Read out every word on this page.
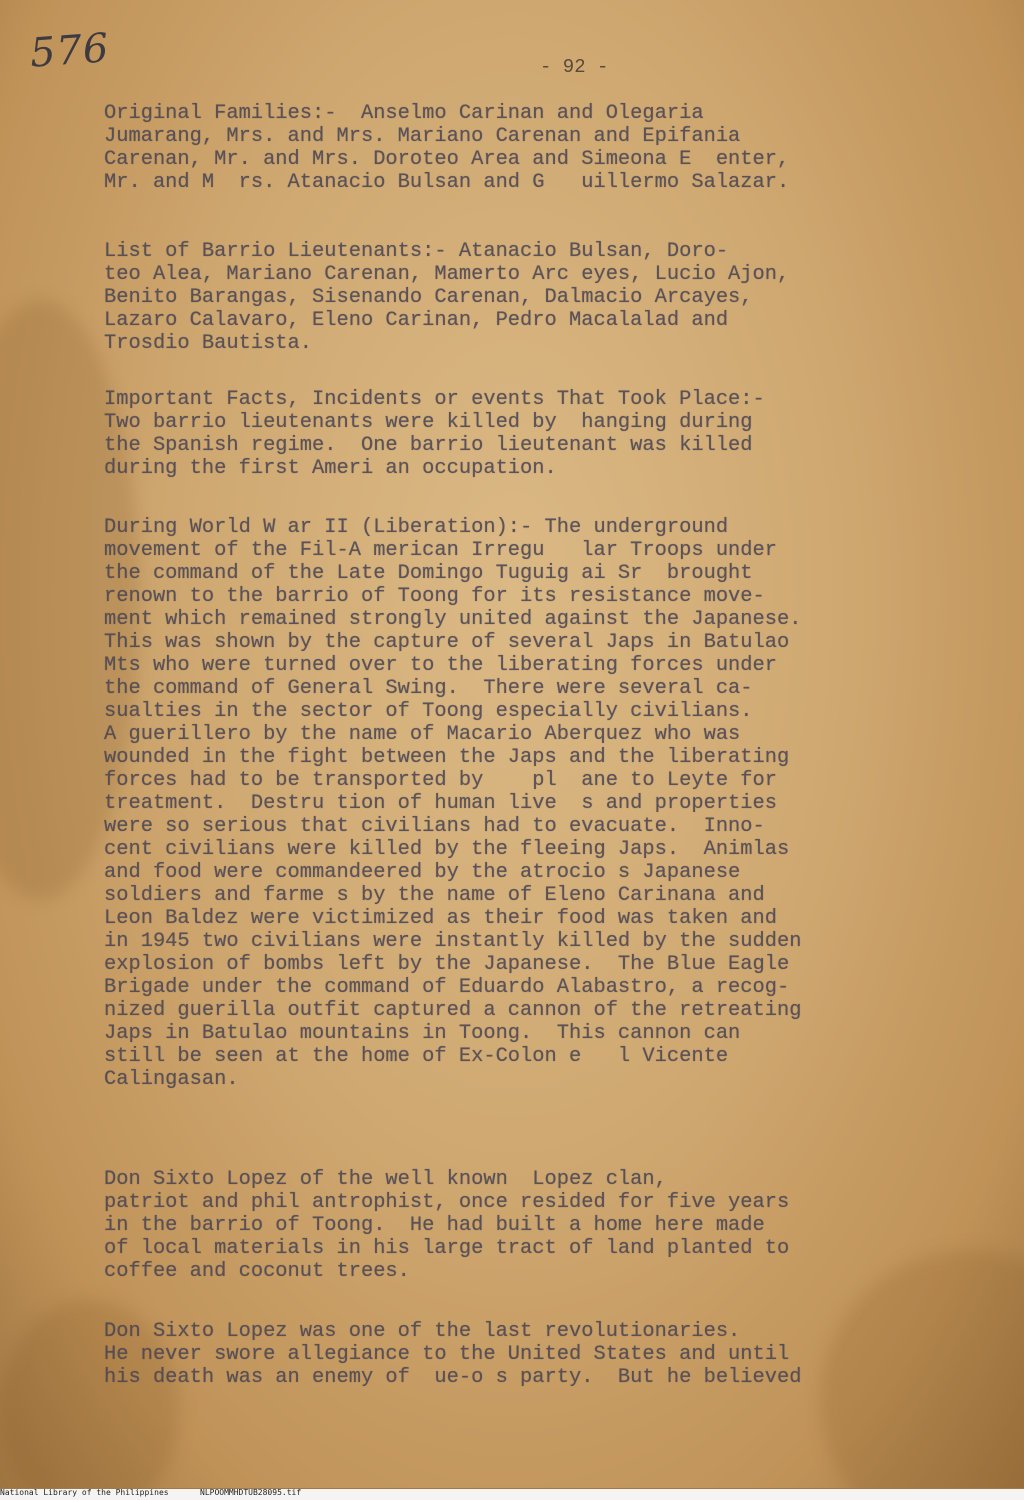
576	- 92 -
Original Families:-  Anselmo Carinan and Olegaria
Jumarang, Mrs. and Mrs. Mariano Carenan and Epifania
Carenan, Mr. and Mrs. Doroteo Area and Simeona E  enter,
Mr. and M  rs. Atanacio Bulsan and G   uillermo Salazar.
List of Barrio Lieutenants:- Atanacio Bulsan, Doro-
teo Alea, Mariano Carenan, Mamerto Arc eyes, Lucio Ajon,
Benito Barangas, Sisenando Carenan, Dalmacio Arcayes,
Lazaro Calavaro, Eleno Carinan, Pedro Macalalad and
Trosdio Bautista.
Important Facts, Incidents or events That Took Place:-
Two barrio lieutenants were killed by  hanging during
the Spanish regime.  One barrio lieutenant was killed
during the first Ameri an occupation.
During World W ar II (Liberation):- The underground
movement of the Fil-A merican Irregu   lar Troops under
the command of the Late Domingo Tuguig ai Sr  brought
renown to the barrio of Toong for its resistance move-
ment which remained strongly united against the Japanese.
This was shown by the capture of several Japs in Batulao
Mts who were turned over to the liberating forces under
the command of General Swing.  There were several ca-
sualties in the sector of Toong especially civilians.
A guerillero by the name of Macario Aberquez who was
wounded in the fight between the Japs and the liberating
forces had to be transported by    pl  ane to Leyte for
treatment.  Destru tion of human live  s and properties
were so serious that civilians had to evacuate.  Inno-
cent civilians were killed by the fleeing Japs.  Animlas
and food were commandeered by the atrocio s Japanese
soldiers and farme s by the name of Eleno Carinana and
Leon Baldez were victimized as their food was taken and
in 1945 two civilians were instantly killed by the sudden
explosion of bombs left by the Japanese.  The Blue Eagle
Brigade under the command of Eduardo Alabastro, a recog-
nized guerilla outfit captured a cannon of the retreating
Japs in Batulao mountains in Toong.  This cannon can
still be seen at the home of Ex-Colon e   l Vicente
Calingasan.
Don Sixto Lopez of the well known  Lopez clan,
patriot and phil antrophist, once resided for five years
in the barrio of Toong.  He had built a home here made
of local materials in his large tract of land planted to
coffee and coconut trees.
Don Sixto Lopez was one of the last revolutionaries.
He never swore allegiance to the United States and until
his death was an enemy of  ue-o s party.  But he believed
National Library of the Philippines	NLPOOMMHDTUB28095.tif
